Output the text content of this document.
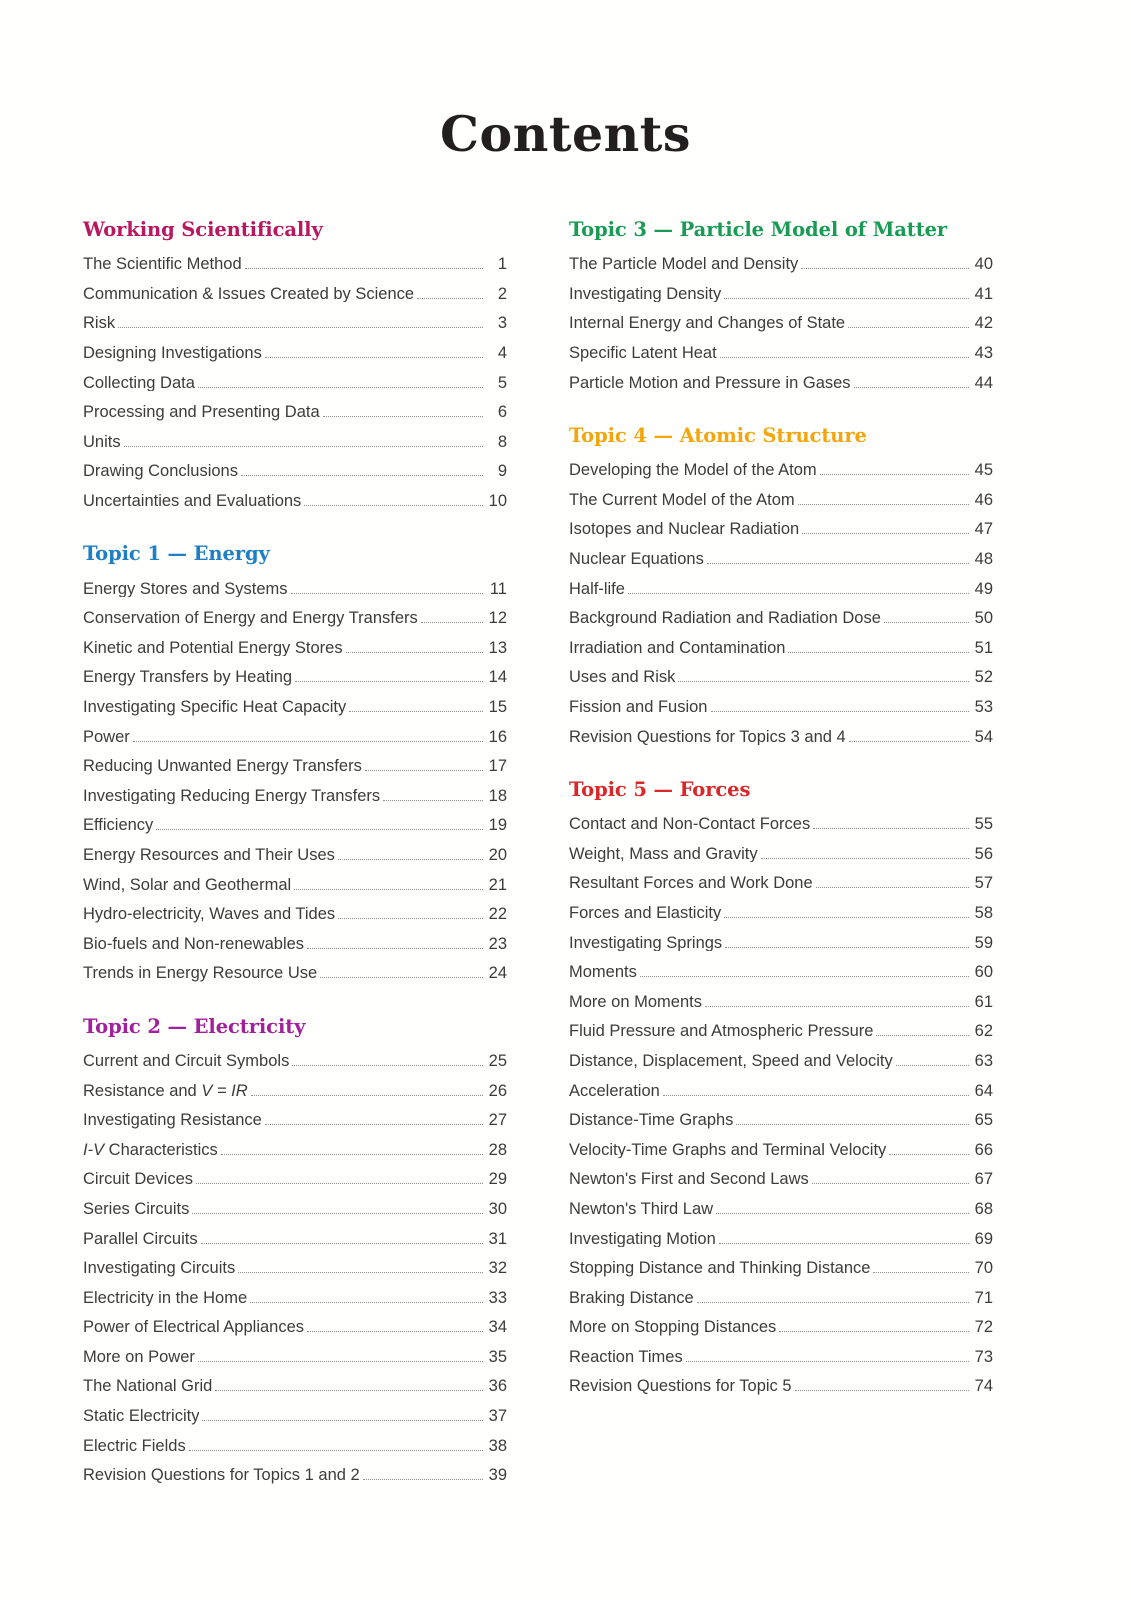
Contents
Working Scientifically
The Scientific Method	1
Communication & Issues Created by Science	2
Risk	3
Designing Investigations	4
Collecting Data	5
Processing and Presenting Data	6
Units	8
Drawing Conclusions	9
Uncertainties and Evaluations	10
Topic 1 — Energy
Energy Stores and Systems	11
Conservation of Energy and Energy Transfers	12
Kinetic and Potential Energy Stores	13
Energy Transfers by Heating	14
Investigating Specific Heat Capacity	15
Power	16
Reducing Unwanted Energy Transfers	17
Investigating Reducing Energy Transfers	18
Efficiency	19
Energy Resources and Their Uses	20
Wind, Solar and Geothermal	21
Hydro-electricity, Waves and Tides	22
Bio-fuels and Non-renewables	23
Trends in Energy Resource Use	24
Topic 2 — Electricity
Current and Circuit Symbols	25
Resistance and V = IR	26
Investigating Resistance	27
I-V Characteristics	28
Circuit Devices	29
Series Circuits	30
Parallel Circuits	31
Investigating Circuits	32
Electricity in the Home	33
Power of Electrical Appliances	34
More on Power	35
The National Grid	36
Static Electricity	37
Electric Fields	38
Revision Questions for Topics 1 and 2	39
Topic 3 — Particle Model of Matter
The Particle Model and Density	40
Investigating Density	41
Internal Energy and Changes of State	42
Specific Latent Heat	43
Particle Motion and Pressure in Gases	44
Topic 4 — Atomic Structure
Developing the Model of the Atom	45
The Current Model of the Atom	46
Isotopes and Nuclear Radiation	47
Nuclear Equations	48
Half-life	49
Background Radiation and Radiation Dose	50
Irradiation and Contamination	51
Uses and Risk	52
Fission and Fusion	53
Revision Questions for Topics 3 and 4	54
Topic 5 — Forces
Contact and Non-Contact Forces	55
Weight, Mass and Gravity	56
Resultant Forces and Work Done	57
Forces and Elasticity	58
Investigating Springs	59
Moments	60
More on Moments	61
Fluid Pressure and Atmospheric Pressure	62
Distance, Displacement, Speed and Velocity	63
Acceleration	64
Distance-Time Graphs	65
Velocity-Time Graphs and Terminal Velocity	66
Newton's First and Second Laws	67
Newton's Third Law	68
Investigating Motion	69
Stopping Distance and Thinking Distance	70
Braking Distance	71
More on Stopping Distances	72
Reaction Times	73
Revision Questions for Topic 5	74
